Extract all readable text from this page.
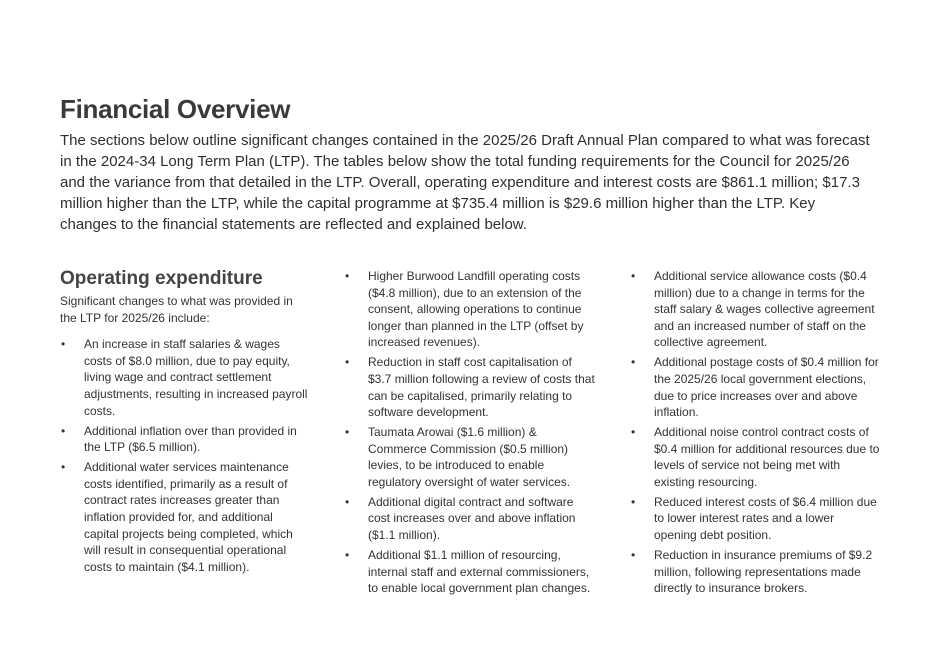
Financial Overview

The sections below outline significant changes contained in the 2025/26 Draft Annual Plan compared to what was forecast in the 2024-34 Long Term Plan (LTP). The tables below show the total funding requirements for the Council for 2025/26 and the variance from that detailed in the LTP. Overall, operating expenditure and interest costs are $861.1 million; $17.3 million higher than the LTP, while the capital programme at $735.4 million is $29.6 million higher than the LTP. Key changes to the financial statements are reflected and explained below.

Operating expenditure

Significant changes to what was provided in the LTP for 2025/26 include:

• An increase in staff salaries & wages costs of $8.0 million, due to pay equity, living wage and contract settlement adjustments, resulting in increased payroll costs.
• Additional inflation over than provided in the LTP ($6.5 million).
• Additional water services maintenance costs identified, primarily as a result of contract rates increases greater than inflation provided for, and additional capital projects being completed, which will result in consequential operational costs to maintain ($4.1 million).
• Higher Burwood Landfill operating costs ($4.8 million), due to an extension of the consent, allowing operations to continue longer than planned in the LTP (offset by increased revenues).
• Reduction in staff cost capitalisation of $3.7 million following a review of costs that can be capitalised, primarily relating to software development.
• Taumata Arowai ($1.6 million) & Commerce Commission ($0.5 million) levies, to be introduced to enable regulatory oversight of water services.
• Additional digital contract and software cost increases over and above inflation ($1.1 million).
• Additional $1.1 million of resourcing, internal staff and external commissioners, to enable local government plan changes.
• Additional service allowance costs ($0.4 million) due to a change in terms for the staff salary & wages collective agreement and an increased number of staff on the collective agreement.
• Additional postage costs of $0.4 million for the 2025/26 local government elections, due to price increases over and above inflation.
• Additional noise control contract costs of $0.4 million for additional resources due to levels of service not being met with existing resourcing.
• Reduced interest costs of $6.4 million due to lower interest rates and a lower opening debt position.
• Reduction in insurance premiums of $9.2 million, following representations made directly to insurance brokers.
